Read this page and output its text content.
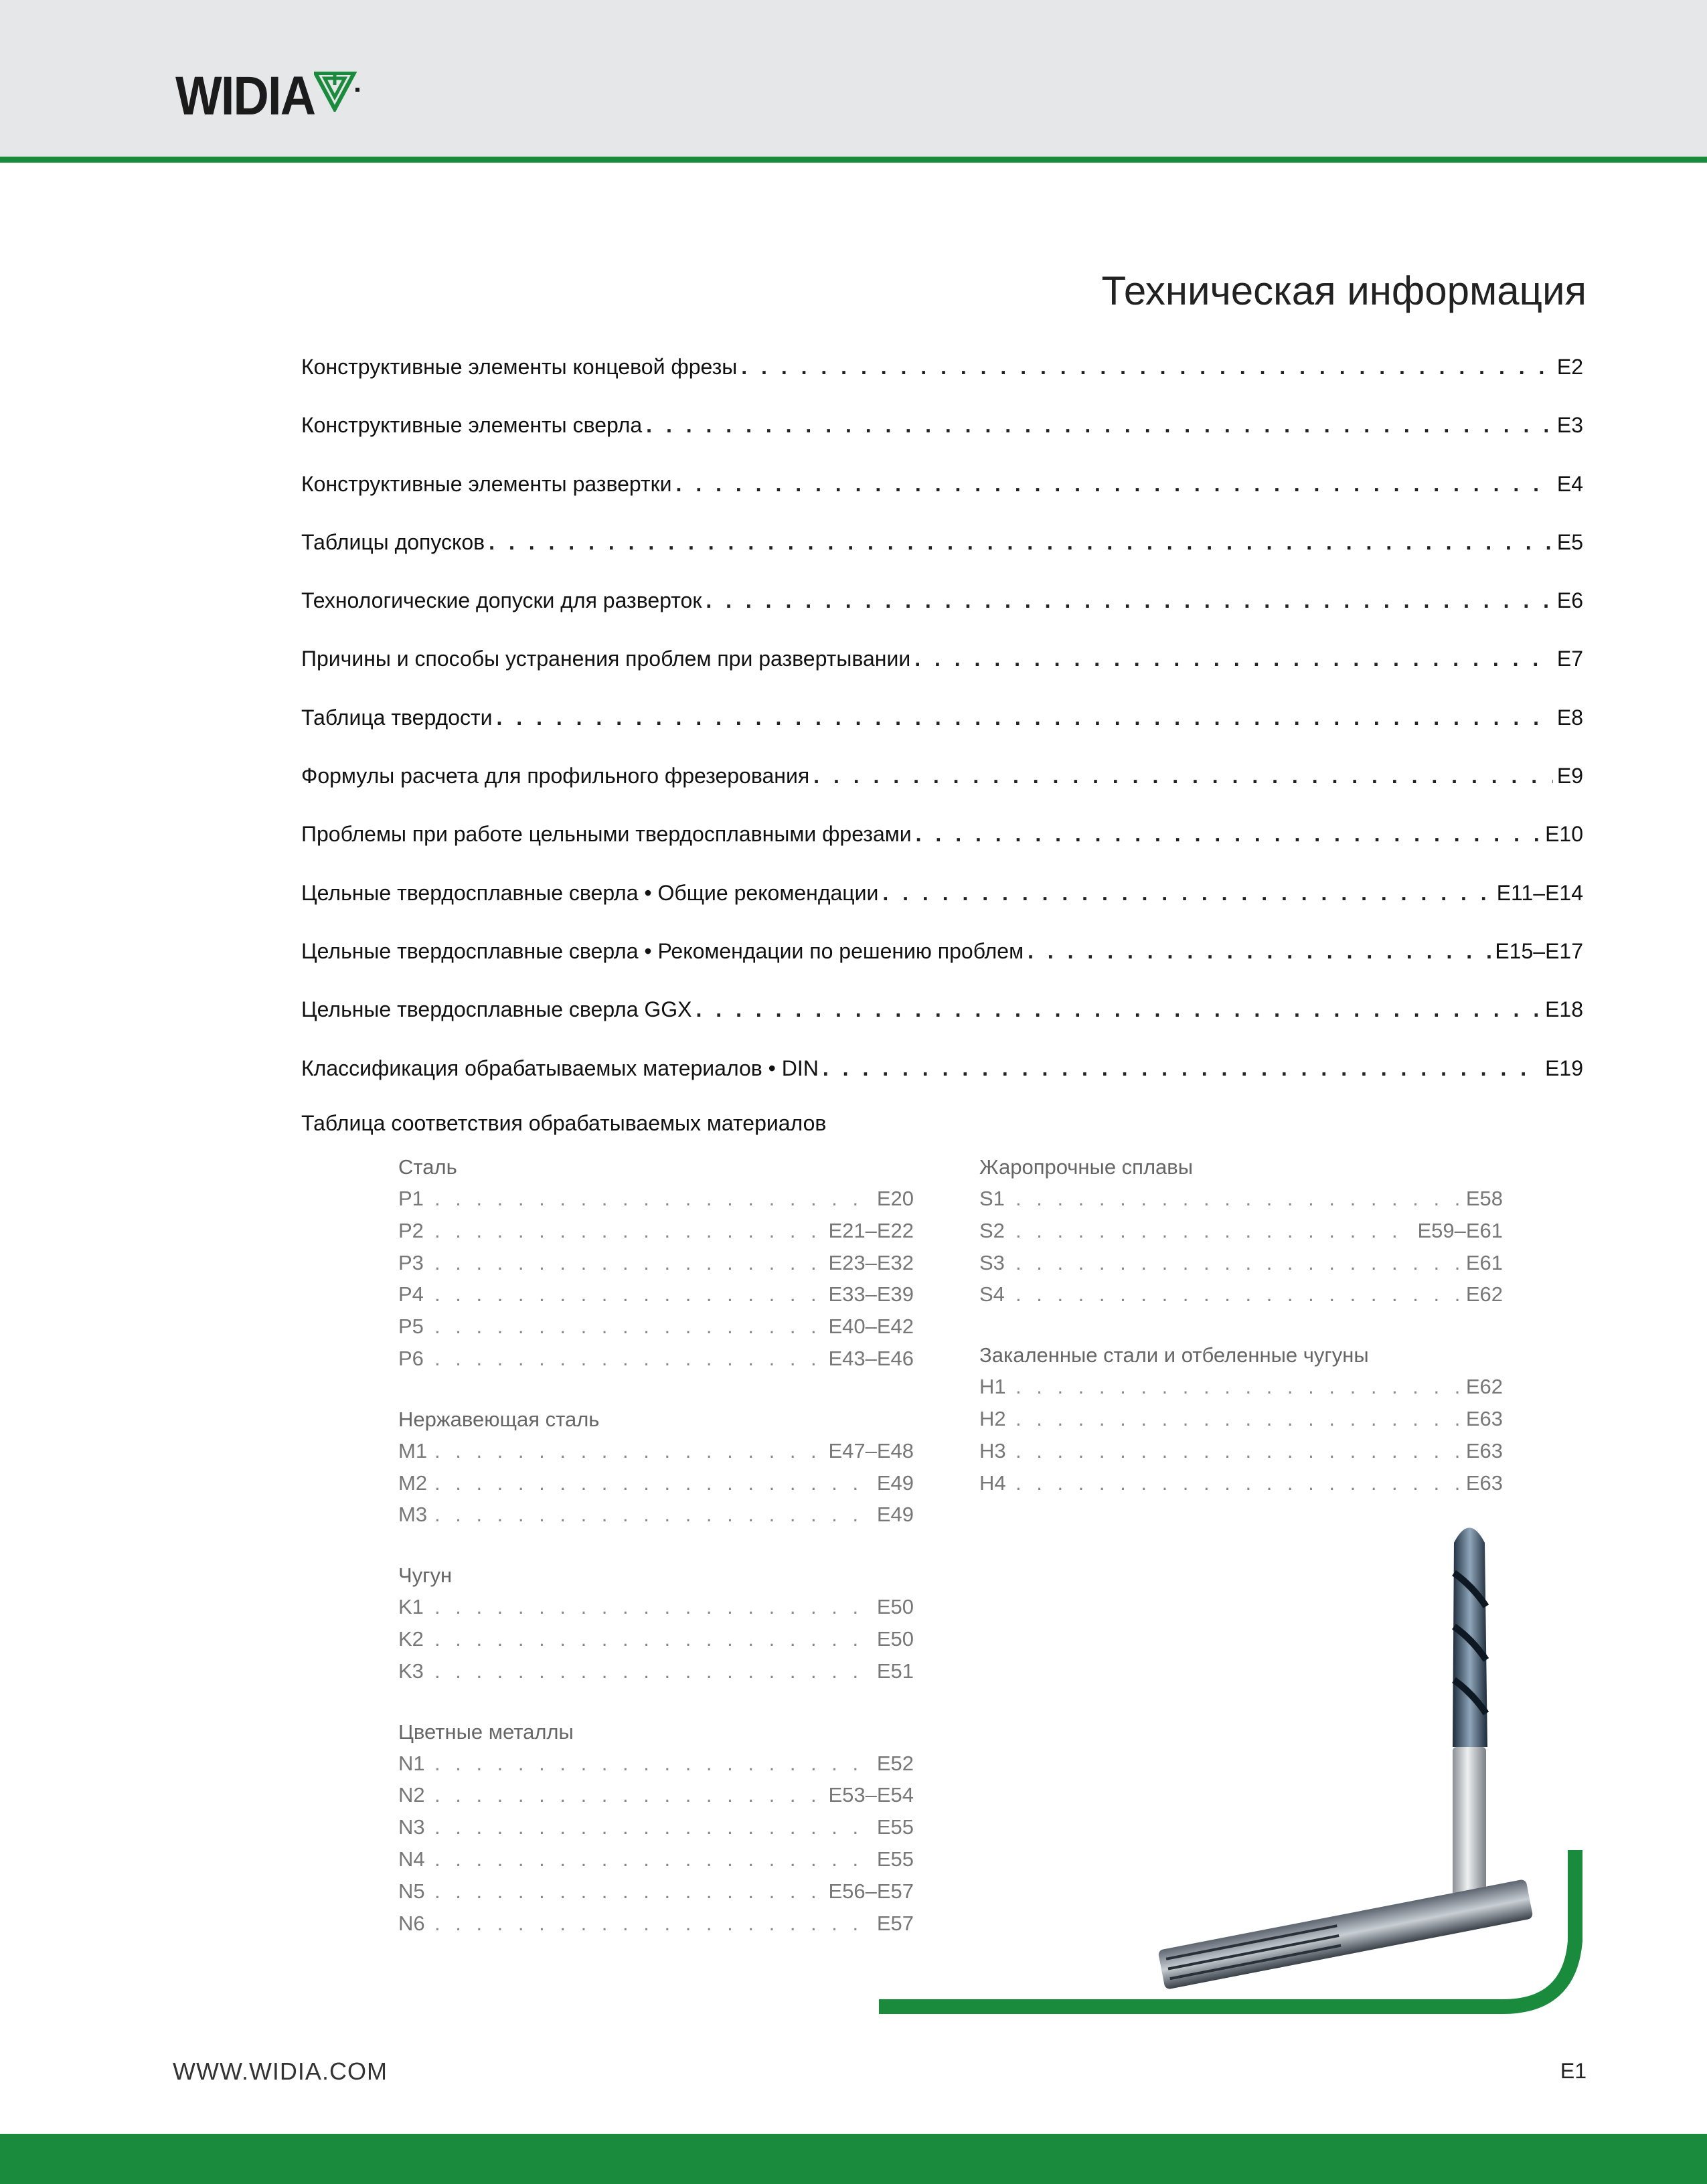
WIDIA
Техническая информация
Конструктивные элементы концевой фрезы . . .	E2
Конструктивные элементы сверла . . .	E3
Конструктивные элементы развертки . . .	E4
Таблицы допусков . . .	E5
Технологические допуски для разверток . . .	E6
Причины и способы устранения проблем при развертывании . . .	E7
Таблица твердости . . .	E8
Формулы расчета для профильного фрезерования . . .	E9
Проблемы при работе цельными твердосплавными фрезами . . .	E10
Цельные твердосплавные сверла • Общие рекомендации . . .	E11–E14
Цельные твердосплавные сверла • Рекомендации по решению проблем . . .	E15–E17
Цельные твердосплавные сверла GGX . . .	E18
Классификация обрабатываемых материалов • DIN . . .	E19
Таблица соответствия обрабатываемых материалов
Сталь
P1 . . .	E20
P2 . . .	E21–E22
P3 . . .	E23–E32
P4 . . .	E33–E39
P5 . . .	E40–E42
P6 . . .	E43–E46
Нержавеющая сталь
M1 . . .	E47–E48
M2 . . .	E49
M3 . . .	E49
Чугун
K1 . . .	E50
K2 . . .	E50
K3 . . .	E51
Цветные металлы
N1 . . .	E52
N2 . . .	E53–E54
N3 . . .	E55
N4 . . .	E55
N5 . . .	E56–E57
N6 . . .	E57
Жаропрочные сплавы
S1 . . .	E58
S2 . . .	E59–E61
S3 . . .	E61
S4 . . .	E62
Закаленные стали и отбеленные чугуны
H1 . . .	E62
H2 . . .	E63
H3 . . .	E63
H4 . . .	E63
WWW.WIDIA.COM	E1
